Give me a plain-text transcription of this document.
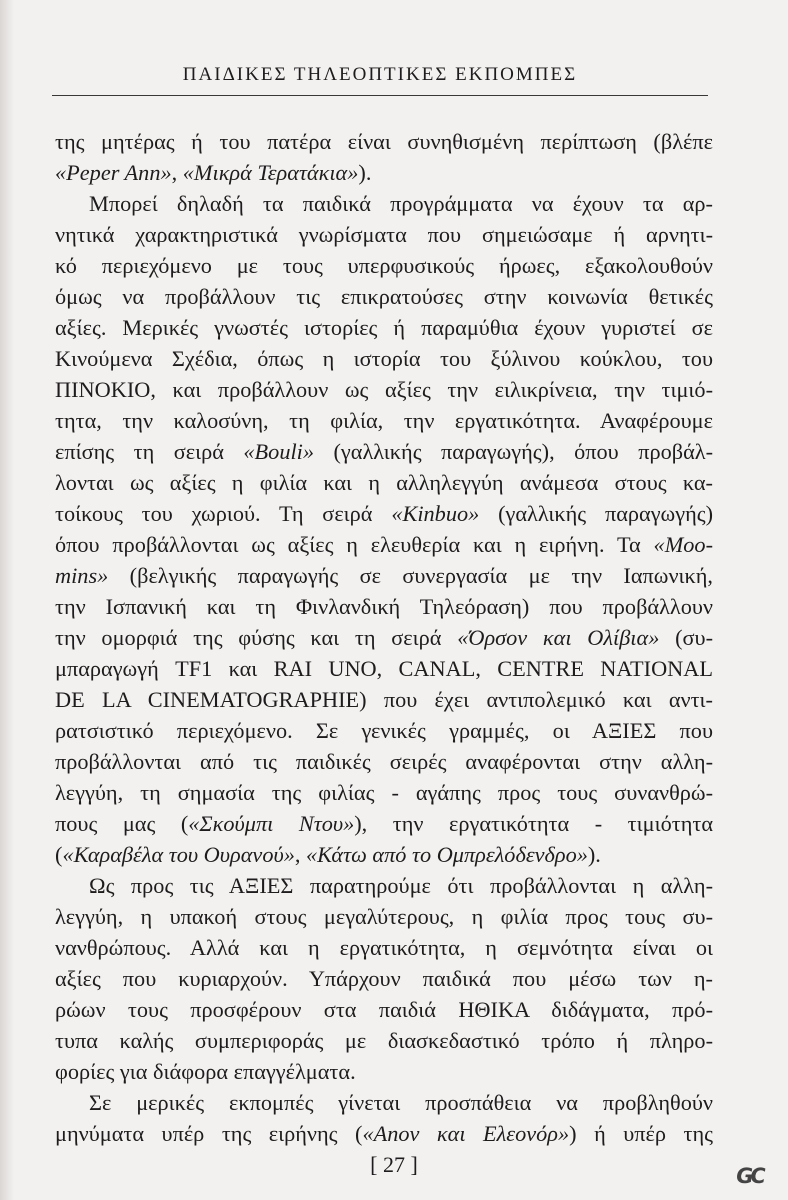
ΠΑΙΔΙΚΕΣ ΤΗΛΕΟΠΤΙΚΕΣ ΕΚΠΟΜΠΕΣ
της μητέρας ή του πατέρα είναι συνηθισμένη περίπτωση (βλέπε
«Peper Ann», «Μικρά Τερατάκια»).
Μπορεί δηλαδή τα παιδικά προγράμματα να έχουν τα αρ-
νητικά χαρακτηριστικά γνωρίσματα που σημειώσαμε ή αρνητι-
κό περιεχόμενο με τους υπερφυσικούς ήρωες, εξακολουθούν
όμως να προβάλλουν τις επικρατούσες στην κοινωνία θετικές
αξίες. Μερικές γνωστές ιστορίες ή παραμύθια έχουν γυριστεί σε
Κινούμενα Σχέδια, όπως η ιστορία του ξύλινου κούκλου, του
ΠΙΝΟΚΙΟ, και προβάλλουν ως αξίες την ειλικρίνεια, την τιμιό-
τητα, την καλοσύνη, τη φιλία, την εργατικότητα. Αναφέρουμε
επίσης τη σειρά «Bouli» (γαλλικής παραγωγής), όπου προβάλ-
λονται ως αξίες η φιλία και η αλληλεγγύη ανάμεσα στους κα-
τοίκους του χωριού. Τη σειρά «Kinbuo» (γαλλικής παραγωγής)
όπου προβάλλονται ως αξίες η ελευθερία και η ειρήνη. Τα «Moo-
mins» (βελγικής παραγωγής σε συνεργασία με την Ιαπωνική,
την Ισπανική και τη Φινλανδική Τηλεόραση) που προβάλλουν
την ομορφιά της φύσης και τη σειρά «Όρσον και Ολίβια» (συ-
μπαραγωγή TF1 και RAI UNO, CANAL, CENTRE NATIONAL
DE LA CINEMATOGRAPHIE) που έχει αντιπολεμικό και αντι-
ρατσιστικό περιεχόμενο. Σε γενικές γραμμές, οι ΑΞΙΕΣ που
προβάλλονται από τις παιδικές σειρές αναφέρονται στην αλλη-
λεγγύη, τη σημασία της φιλίας - αγάπης προς τους συνανθρώ-
πους μας («Σκούμπι Ντου»), την εργατικότητα - τιμιότητα
(«Καραβέλα του Ουρανού», «Κάτω από το Ομπρελόδενδρο»).
Ως προς τις ΑΞΙΕΣ παρατηρούμε ότι προβάλλονται η αλλη-
λεγγύη, η υπακοή στους μεγαλύτερους, η φιλία προς τους συ-
νανθρώπους. Αλλά και η εργατικότητα, η σεμνότητα είναι οι
αξίες που κυριαρχούν. Υπάρχουν παιδικά που μέσω των η-
ρώων τους προσφέρουν στα παιδιά ΗΘΙΚΑ διδάγματα, πρό-
τυπα καλής συμπεριφοράς με διασκεδαστικό τρόπο ή πληρο-
φορίες για διάφορα επαγγέλματα.
Σε μερικές εκπομπές γίνεται προσπάθεια να προβληθούν
μηνύματα υπέρ της ειρήνης («Anov και Ελεονόρ») ή υπέρ της
[ 27 ]	GC
